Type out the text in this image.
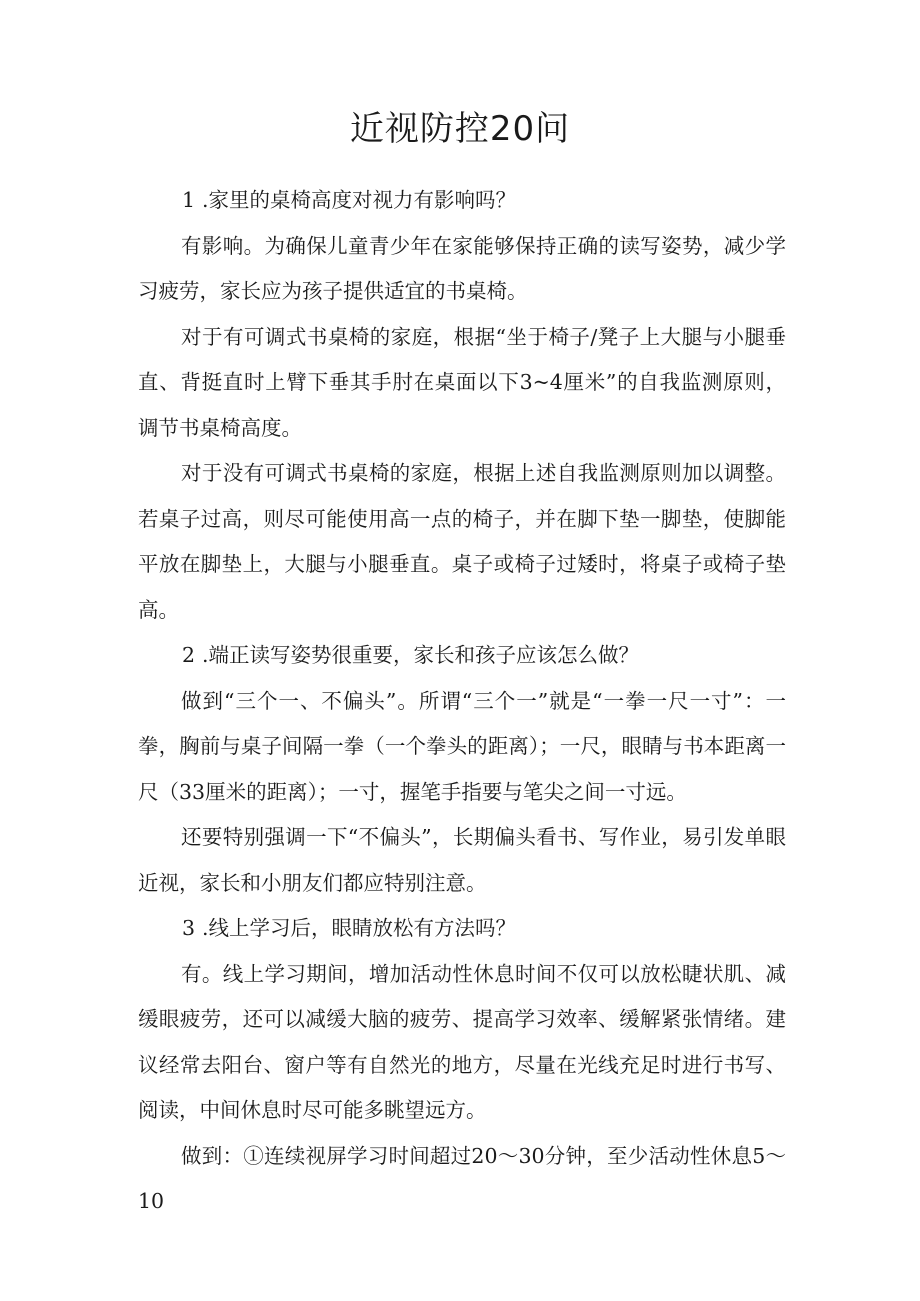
近视防控20问

1 .家里的桌椅高度对视力有影响吗？

有影响。为确保儿童青少年在家能够保持正确的读写姿势，减少学习疲劳，家长应为孩子提供适宜的书桌椅。

对于有可调式书桌椅的家庭，根据“坐于椅子/凳子上大腿与小腿垂直、背挺直时上臂下垂其手肘在桌面以下3~4厘米”的自我监测原则，调节书桌椅高度。

对于没有可调式书桌椅的家庭，根据上述自我监测原则加以调整。若桌子过高，则尽可能使用高一点的椅子，并在脚下垫一脚垫，使脚能平放在脚垫上，大腿与小腿垂直。桌子或椅子过矮时，将桌子或椅子垫高。

2 .端正读写姿势很重要，家长和孩子应该怎么做？

做到“三个一、不偏头”。所谓“三个一”就是“一拳一尺一寸”：一拳，胸前与桌子间隔一拳（一个拳头的距离）；一尺，眼睛与书本距离一尺（33厘米的距离）；一寸，握笔手指要与笔尖之间一寸远。

还要特别强调一下“不偏头”，长期偏头看书、写作业，易引发单眼近视，家长和小朋友们都应特别注意。

3 .线上学习后，眼睛放松有方法吗？

有。线上学习期间，增加活动性休息时间不仅可以放松睫状肌、减缓眼疲劳，还可以减缓大脑的疲劳、提高学习效率、缓解紧张情绪。建议经常去阳台、窗户等有自然光的地方，尽量在光线充足时进行书写、阅读，中间休息时尽可能多眺望远方。

做到：①连续视屏学习时间超过20～30分钟，至少活动性休息5～10
